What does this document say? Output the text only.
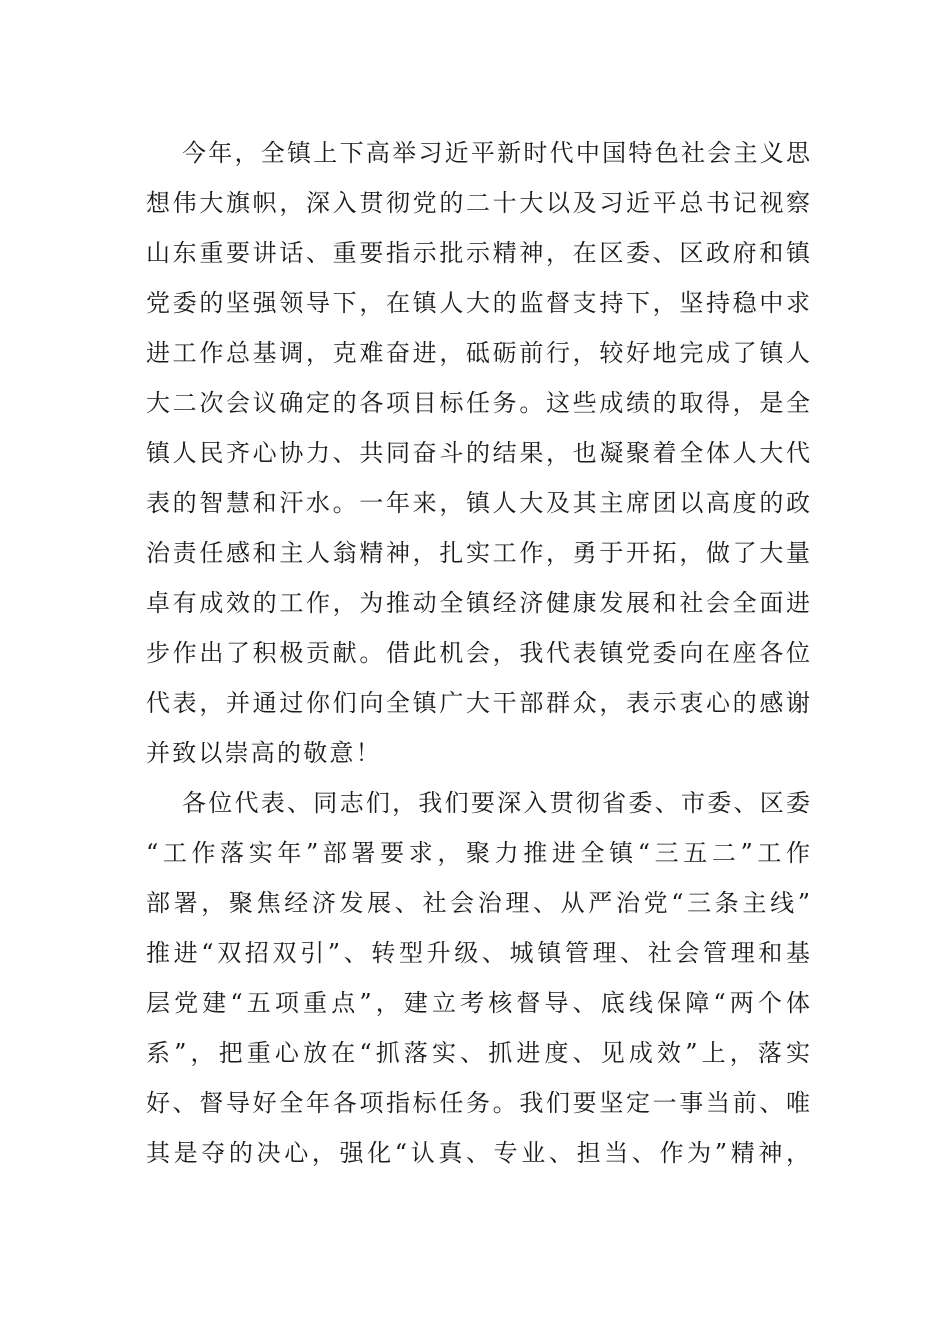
今年，全镇上下高举习近平新时代中国特色社会主义思
想伟大旗帜，深入贯彻党的二十大以及习近平总书记视察
山东重要讲话、重要指示批示精神，在区委、区政府和镇
党委的坚强领导下，在镇人大的监督支持下，坚持稳中求
进工作总基调，克难奋进，砥砺前行，较好地完成了镇人
大二次会议确定的各项目标任务。这些成绩的取得，是全
镇人民齐心协力、共同奋斗的结果，也凝聚着全体人大代
表的智慧和汗水。一年来，镇人大及其主席团以高度的政
治责任感和主人翁精神，扎实工作，勇于开拓，做了大量
卓有成效的工作，为推动全镇经济健康发展和社会全面进
步作出了积极贡献。借此机会，我代表镇党委向在座各位
代表，并通过你们向全镇广大干部群众，表示衷心的感谢
并致以崇高的敬意！
各位代表、同志们，我们要深入贯彻省委、市委、区委
“工作落实年”部署要求，聚力推进全镇“三五二”工作
部署，聚焦经济发展、社会治理、从严治党“三条主线”
推进“双招双引”、转型升级、城镇管理、社会管理和基
层党建“五项重点”，建立考核督导、底线保障“两个体
系”，把重心放在“抓落实、抓进度、见成效”上，落实
好、督导好全年各项指标任务。我们要坚定一事当前、唯
其是夺的决心，强化“认真、专业、担当、作为”精神，
